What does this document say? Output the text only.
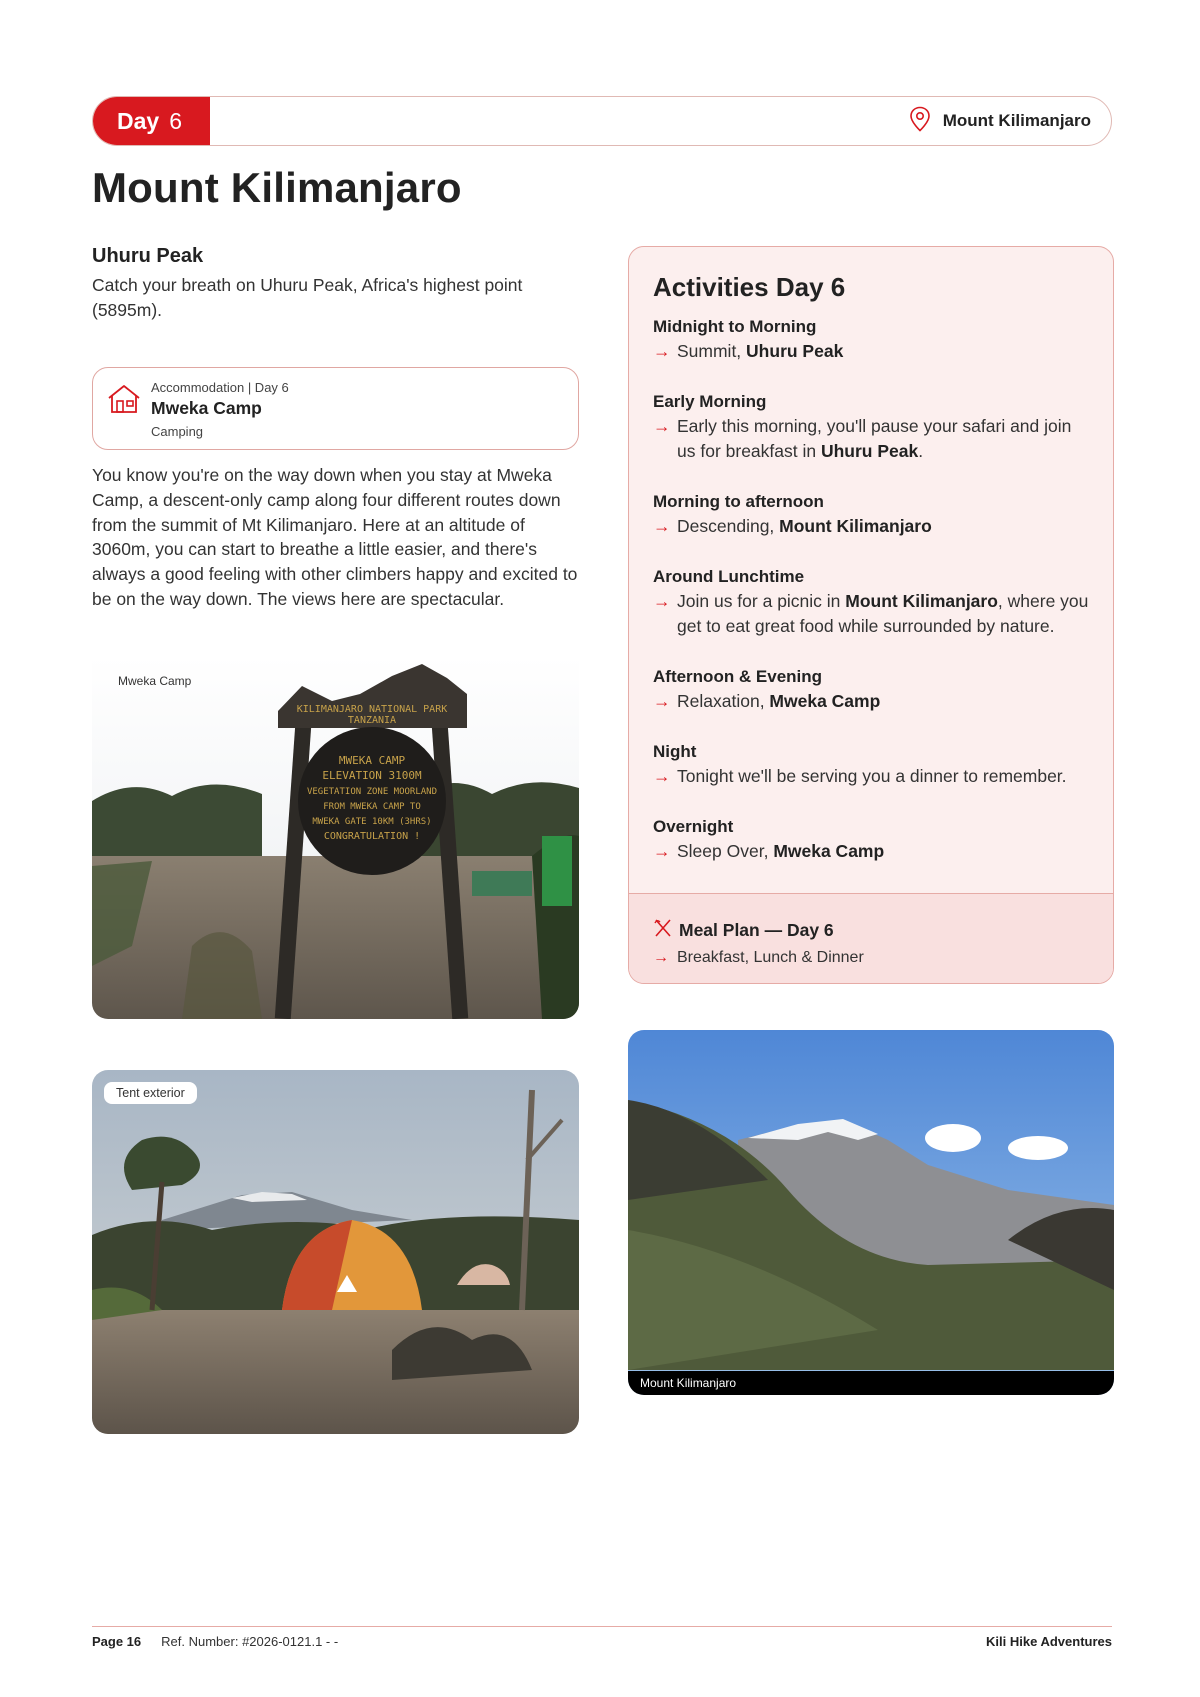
Day 6	Mount Kilimanjaro
Mount Kilimanjaro
Uhuru Peak

Catch your breath on Uhuru Peak, Africa's highest point (5895m).

Accommodation | Day 6
Mweka Camp
Camping

You know you're on the way down when you stay at Mweka Camp, a descent-only camp along four different routes down from the summit of Mt Kilimanjaro. Here at an altitude of 3060m, you can start to breathe a little easier, and there's always a good feeling with other climbers happy and excited to be on the way down. The views here are spectacular.

KILIMANJARO NATIONAL PARK
TANZANIA
MWEKA CAMP
ELEVATION 3100M
VEGETATION ZONE MOORLAND
FROM MWEKA CAMP TO
MWEKA GATE 10KM (3HRS)
CONGRATULATION !
Mweka Camp
Tent exterior
Mount Kilimanjaro
Activities Day 6
Midnight to Morning
→ Summit, Uhuru Peak
Early Morning
→ Early this morning, you'll pause your safari and join us for breakfast in Uhuru Peak.
Morning to afternoon
→ Descending, Mount Kilimanjaro
Around Lunchtime
→ Join us for a picnic in Mount Kilimanjaro, where you get to eat great food while surrounded by nature.
Afternoon & Evening
→ Relaxation, Mweka Camp
Night
→ Tonight we'll be serving you a dinner to remember.
Overnight
→ Sleep Over, Mweka Camp
Meal Plan — Day 6
→ Breakfast, Lunch & Dinner
Page 16 Ref. Number: #2026-0121.1 - -	Kili Hike Adventures
